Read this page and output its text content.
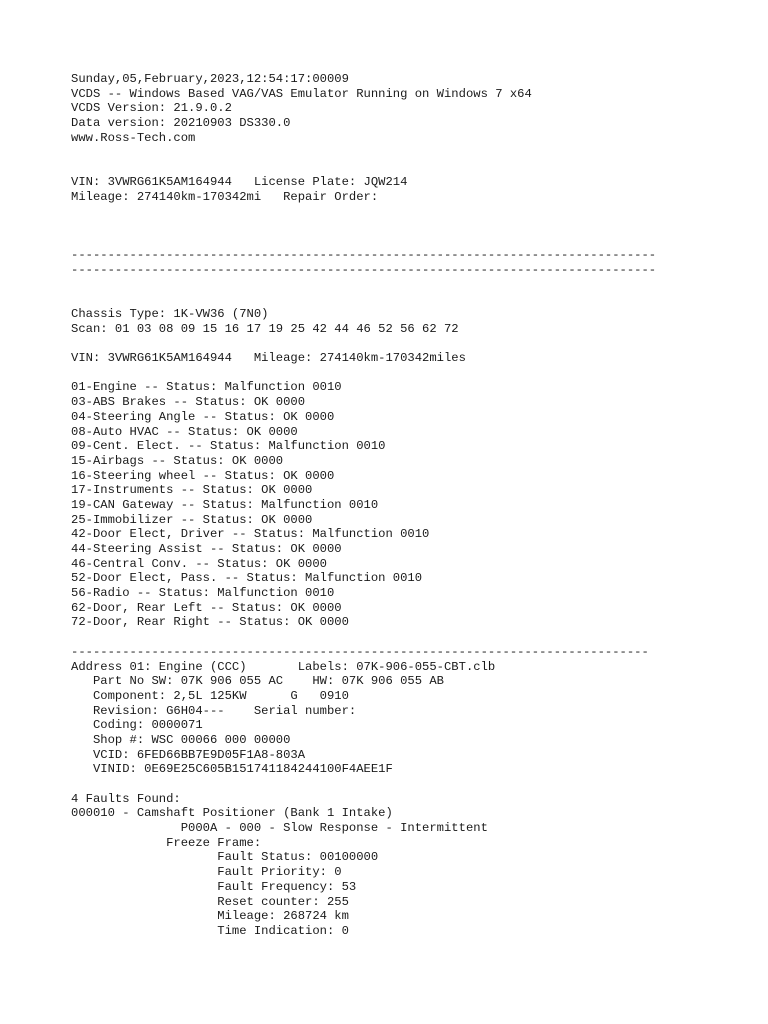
Sunday,05,February,2023,12:54:17:00009
VCDS -- Windows Based VAG/VAS Emulator Running on Windows 7 x64
VCDS Version: 21.9.0.2
Data version: 20210903 DS330.0
www.Ross-Tech.com
VIN: 3VWRG61K5AM164944   License Plate: JQW214
Mileage: 274140km-170342mi   Repair Order:
--------------------------------------------------------------------------------
--------------------------------------------------------------------------------
Chassis Type: 1K-VW36 (7N0)
Scan: 01 03 08 09 15 16 17 19 25 42 44 46 52 56 62 72
VIN: 3VWRG61K5AM164944   Mileage: 274140km-170342miles
01-Engine -- Status: Malfunction 0010
03-ABS Brakes -- Status: OK 0000
04-Steering Angle -- Status: OK 0000
08-Auto HVAC -- Status: OK 0000
09-Cent. Elect. -- Status: Malfunction 0010
15-Airbags -- Status: OK 0000
16-Steering wheel -- Status: OK 0000
17-Instruments -- Status: OK 0000
19-CAN Gateway -- Status: Malfunction 0010
25-Immobilizer -- Status: OK 0000
42-Door Elect, Driver -- Status: Malfunction 0010
44-Steering Assist -- Status: OK 0000
46-Central Conv. -- Status: OK 0000
52-Door Elect, Pass. -- Status: Malfunction 0010
56-Radio -- Status: Malfunction 0010
62-Door, Rear Left -- Status: OK 0000
72-Door, Rear Right -- Status: OK 0000
-------------------------------------------------------------------------------
Address 01: Engine (CCC)       Labels: 07K-906-055-CBT.clb
Part No SW: 07K 906 055 AC    HW: 07K 906 055 AB
Component: 2,5L 125KW      G   0910
Revision: G6H04---    Serial number:
Coding: 0000071
Shop #: WSC 00066 000 00000
VCID: 6FED66BB7E9D05F1A8-803A
VINID: 0E69E25C605B151741184244100F4AEE1F
4 Faults Found:
000010 - Camshaft Positioner (Bank 1 Intake)
P000A - 000 - Slow Response - Intermittent
Freeze Frame:
Fault Status: 00100000
Fault Priority: 0
Fault Frequency: 53
Reset counter: 255
Mileage: 268724 km
Time Indication: 0
